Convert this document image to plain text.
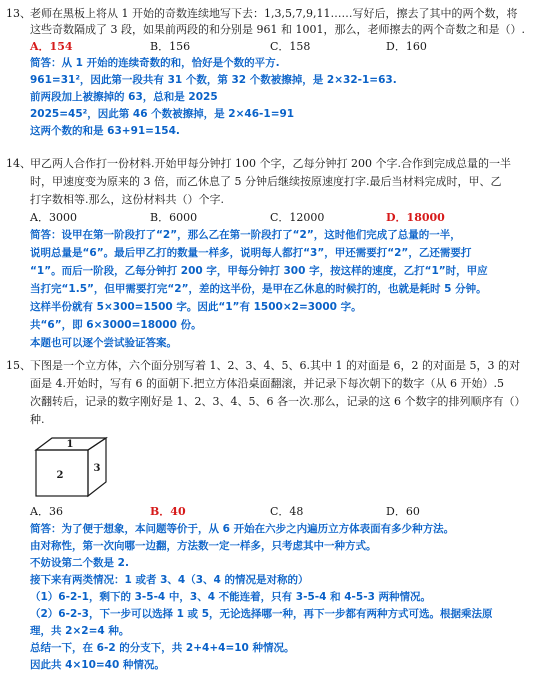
13、 老师在黑板上将从 1 开始的奇数连续地写下去：1,3,5,7,9,11……写好后，擦去了其中的两个数，将
这些奇数隔成了 3 段，如果前两段的和分别是 961 和 1001，那么，老师擦去的两个奇数之和是（）.
A．154	B．156	C．158	D．160
简答：从 1 开始的连续奇数的和，恰好是个数的平方.
961=31²，因此第一段共有 31 个数，第 32 个数被擦掉，是 2×32-1=63.
前两段加上被擦掉的 63，总和是 2025
2025=45²，因此第 46 个数被擦掉，是 2×46-1=91
这两个数的和是 63+91=154.
14、 甲乙两人合作打一份材料.开始甲每分钟打 100 个字，乙每分钟打 200 个字.合作到完成总量的一半
时，甲速度变为原来的 3 倍，而乙休息了 5 分钟后继续按原速度打字.最后当材料完成时，甲、乙
打字数相等.那么，这份材料共（）个字.
A．3000	B．6000	C．12000	D．18000
简答：设甲在第一阶段打了“2”，那么乙在第一阶段打了“2”，这时他们完成了总量的一半，
说明总量是“6”。最后甲乙打的数量一样多，说明每人都打“3”，甲还需要打“2”，乙还需要打
“1”。而后一阶段，乙每分钟打 200 字，甲每分钟打 300 字，按这样的速度，乙打“1”时，甲应
当打完“1.5”，但甲需要打完“2”，差的这半份，是甲在乙休息的时候打的，也就是耗时 5 分钟。
这样半份就有 5×300=1500 字。因此“1”有 1500×2=3000 字。
共“6”，即 6×3000=18000 份。
本题也可以逐个尝试验证答案。
15、 下图是一个立方体，六个面分别写着 1、2、3、4、5、6.其中 1 的对面是 6，2 的对面是 5，3 的对
面是 4.开始时，写有 6 的面朝下.把立方体沿桌面翻滚，并记录下每次朝下的数字（从 6 开始）.5
次翻转后，记录的数字刚好是 1、2、3、4、5、6 各一次.那么，记录的这 6 个数字的排列顺序有（）
种.
1
2
3
A．36	B．40	C．48	D．60
简答：为了便于想象，本问题等价于，从 6 开始在六步之内遍历立方体表面有多少种方法。
由对称性，第一次向哪一边翻，方法数一定一样多，只考虑其中一种方式。
不妨设第二个数是 2.
接下来有两类情况：1 或者 3、4（3、4 的情况是对称的）
（1）6-2-1，剩下的 3-5-4 中，3、4 不能连着，只有 3-5-4 和 4-5-3 两种情况。
（2）6-2-3，下一步可以选择 1 或 5，无论选择哪一种，再下一步都有两种方式可选。根据乘法原
理，共 2×2=4 种。
总结一下，在 6-2 的分支下，共 2+4+4=10 种情况。
因此共 4×10=40 种情况。
